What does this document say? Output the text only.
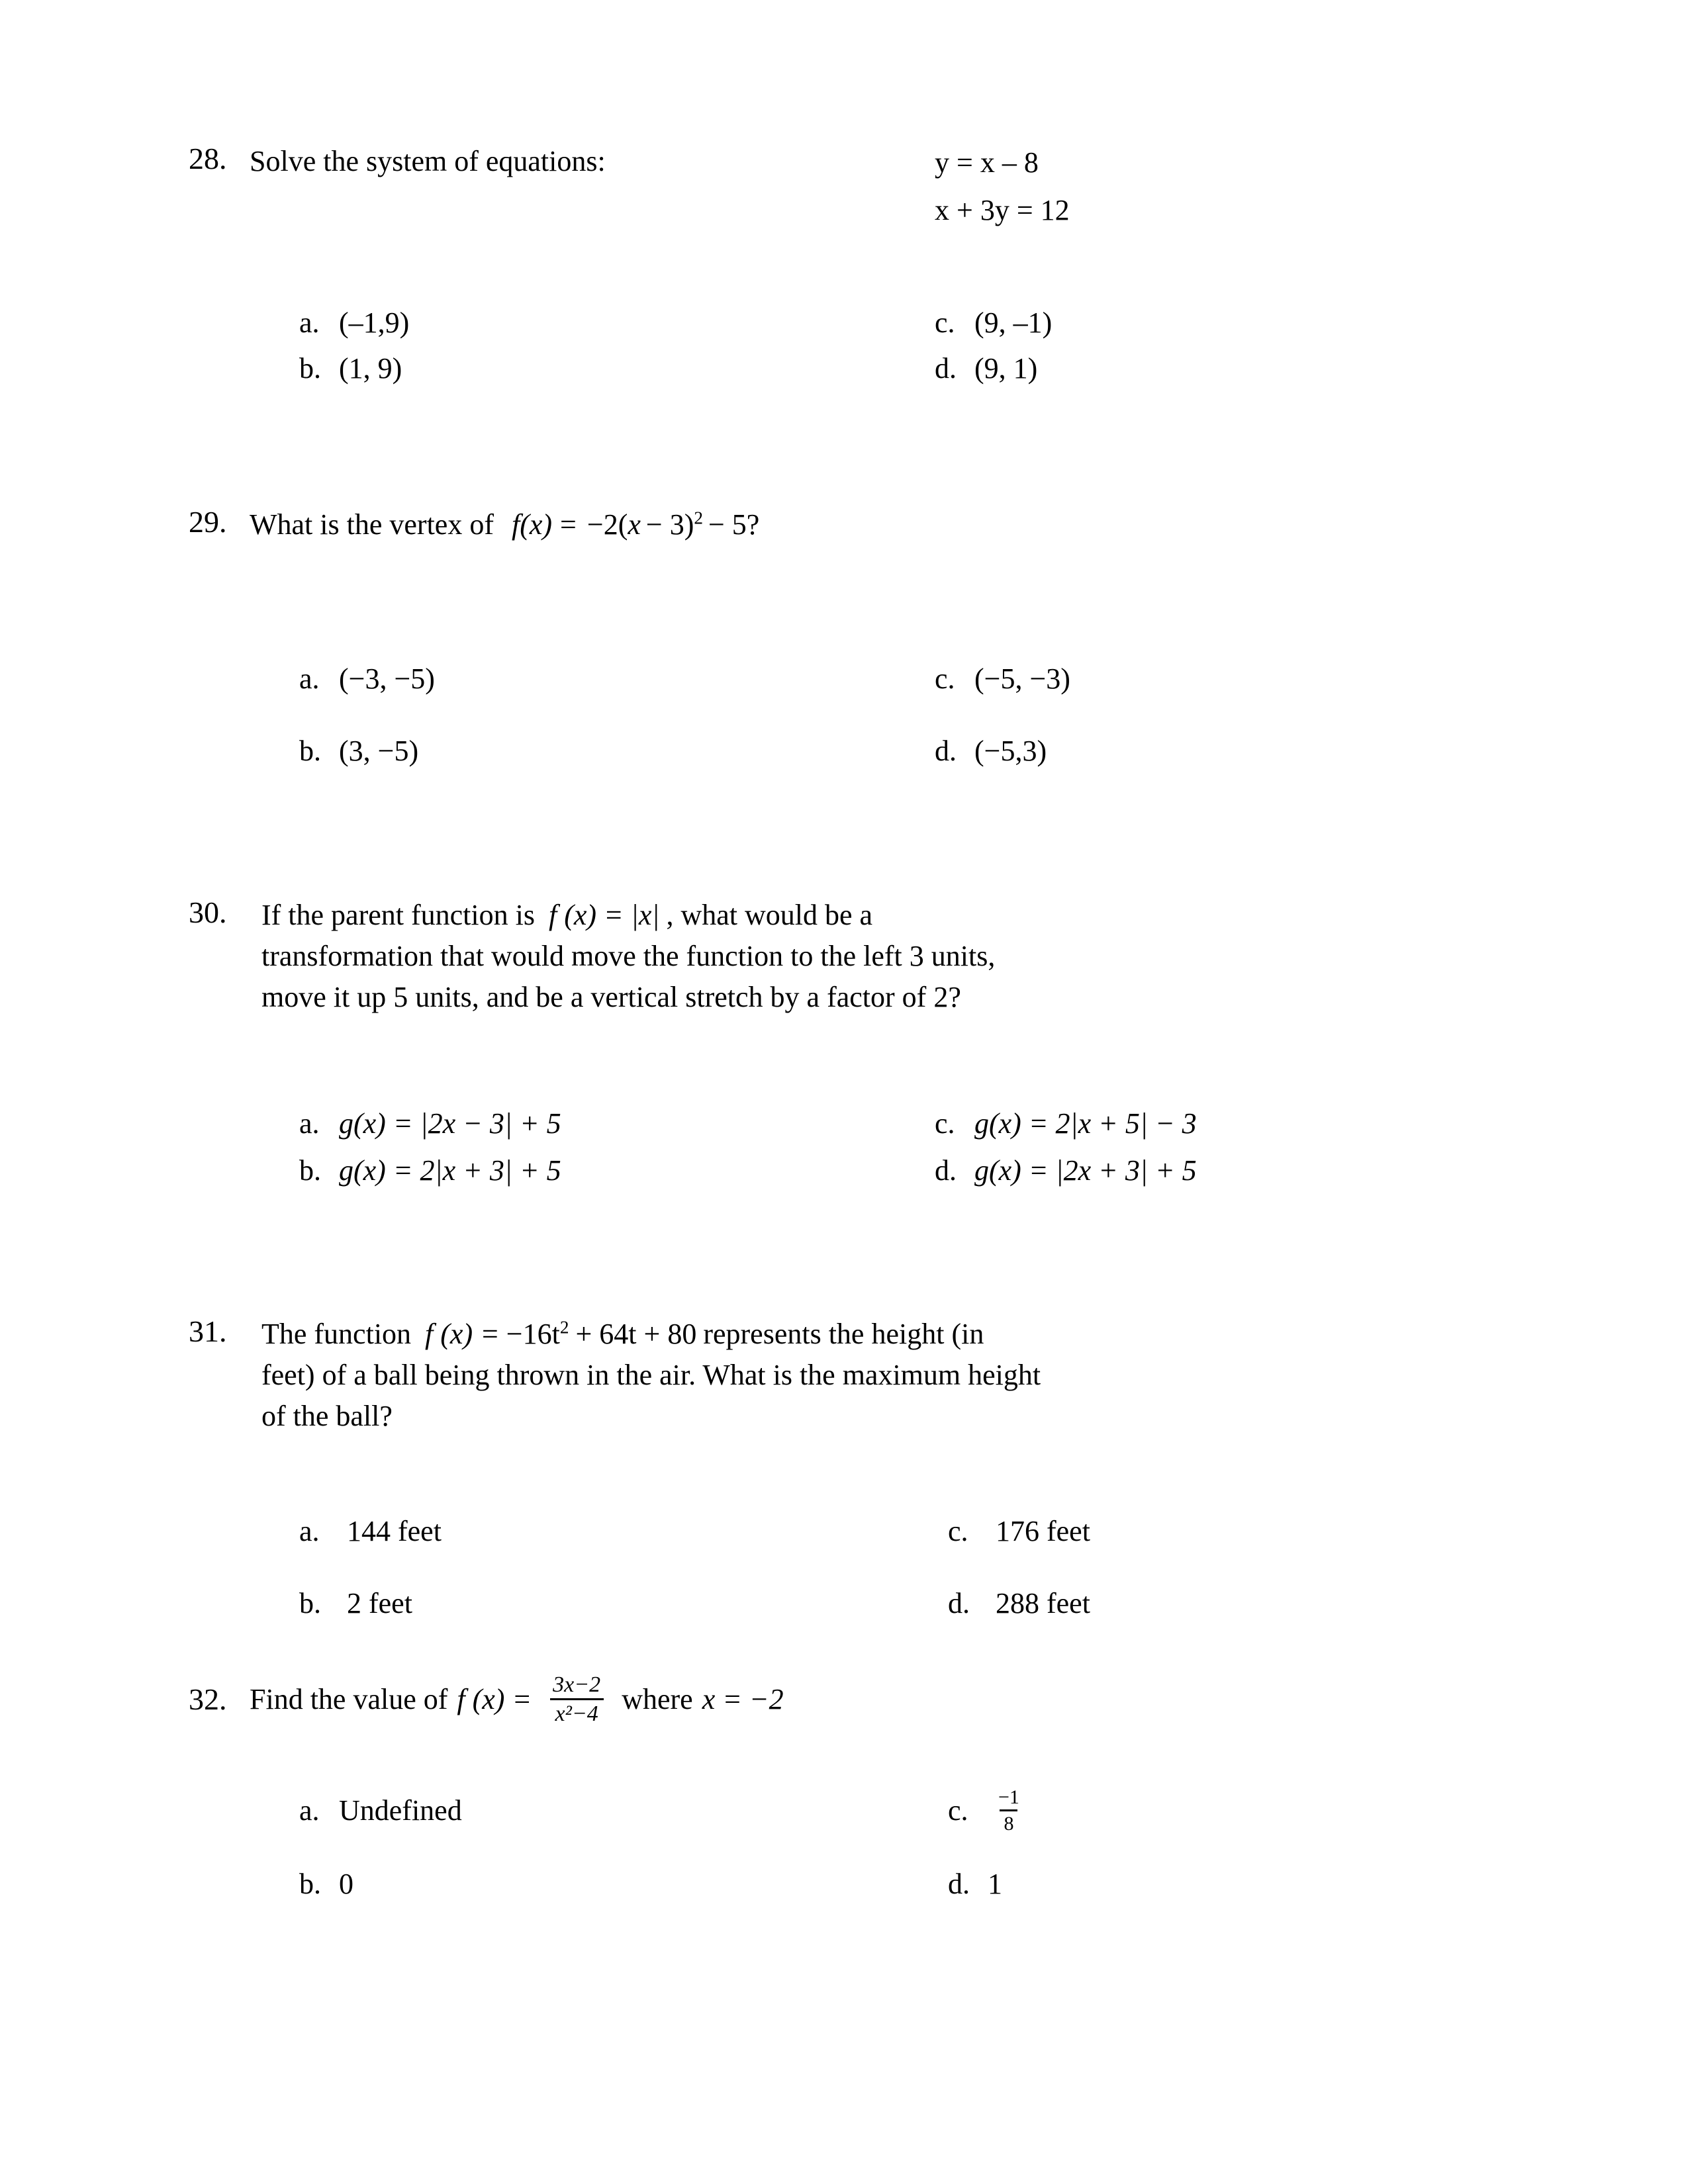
28. Solve the system of equations:	y = x – 8
x + 3y = 12
a. (–1,9)	c. (9, –1)
b. (1, 9)	d. (9, 1)
29. What is the vertex of $f(x) = -2(x - 3)^2 - 5$?
a. (−3, −5)	c. (−5, −3)
b. (3, −5)	d. (−5,3)
30.	If the parent function is f (x) = |x| , what would be a
transformation that would move the function to the left 3 units,
move it up 5 units, and be a vertical stretch by a factor of 2?
a. g(x) = |2x − 3| + 5	c. g(x) = 2|x + 5| − 3
b. g(x) = 2|x + 3| + 5	d. g(x) = |2x + 3| + 5
31.	The function f $(x) = -16t^2 + 64t + 80$ represents the height (in
feet) of a ball being thrown in the air. What is the maximum height
of the ball?
a. 144 feet	c. 176 feet
b. 2 feet	d. 288 feet
32. Find the value of f $(x) = \frac{3x-2}{\text{x²−4}}$ where x = −2
a. Undefined	c.	$\frac{-1}{8}$
b. 0	d. 1
